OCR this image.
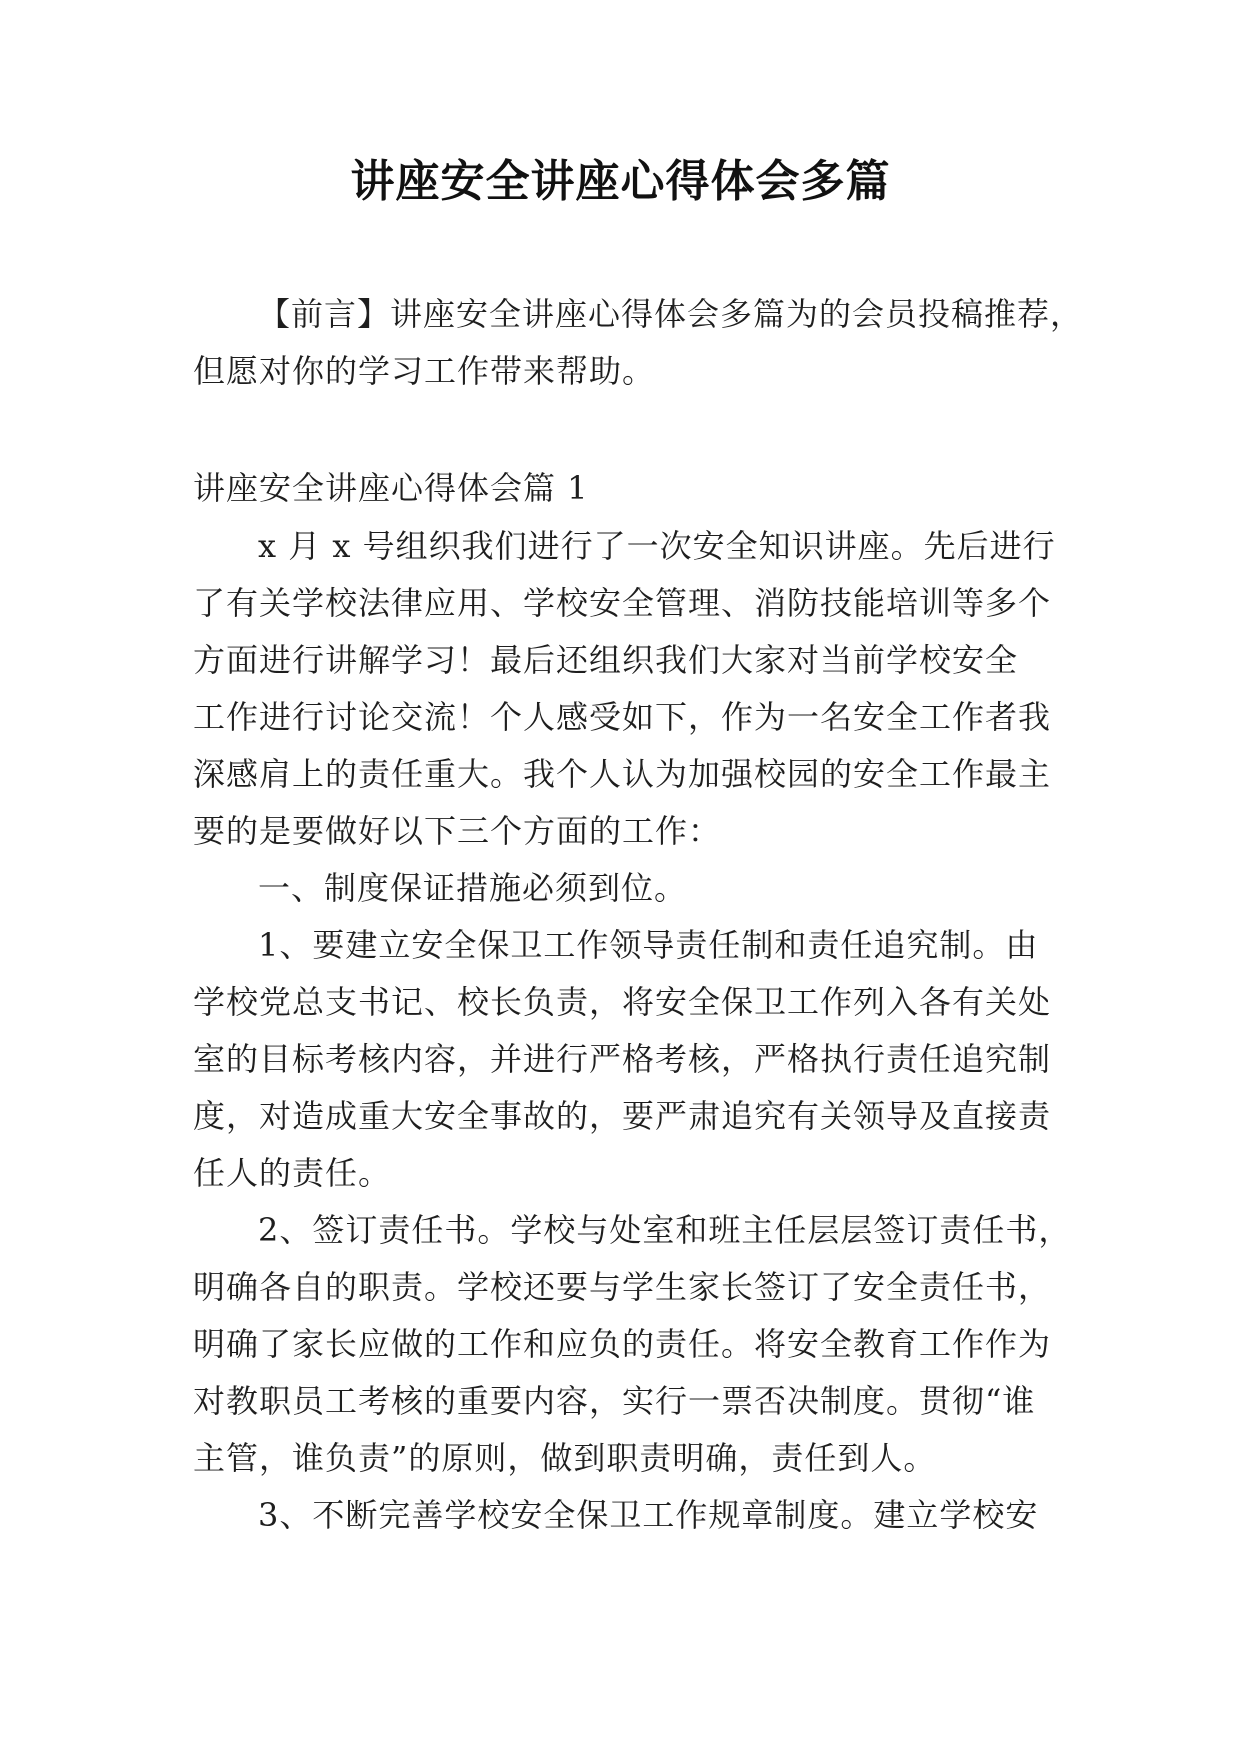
讲座安全讲座心得体会多篇
【前言】讲座安全讲座心得体会多篇为的会员投稿推荐，
但愿对你的学习工作带来帮助。
讲座安全讲座心得体会篇 1
x 月 x 号组织我们进行了一次安全知识讲座。先后进行
了有关学校法律应用、学校安全管理、消防技能培训等多个
方面进行讲解学习！最后还组织我们大家对当前学校安全
工作进行讨论交流！个人感受如下，作为一名安全工作者我
深感肩上的责任重大。我个人认为加强校园的安全工作最主
要的是要做好以下三个方面的工作：
一、制度保证措施必须到位。
1、要建立安全保卫工作领导责任制和责任追究制。由
学校党总支书记、校长负责，将安全保卫工作列入各有关处
室的目标考核内容，并进行严格考核，严格执行责任追究制
度，对造成重大安全事故的，要严肃追究有关领导及直接责
任人的责任。
2、签订责任书。学校与处室和班主任层层签订责任书，
明确各自的职责。学校还要与学生家长签订了安全责任书，
明确了家长应做的工作和应负的责任。将安全教育工作作为
对教职员工考核的重要内容，实行一票否决制度。贯彻“谁
主管，谁负责”的原则，做到职责明确，责任到人。
3、不断完善学校安全保卫工作规章制度。建立学校安
